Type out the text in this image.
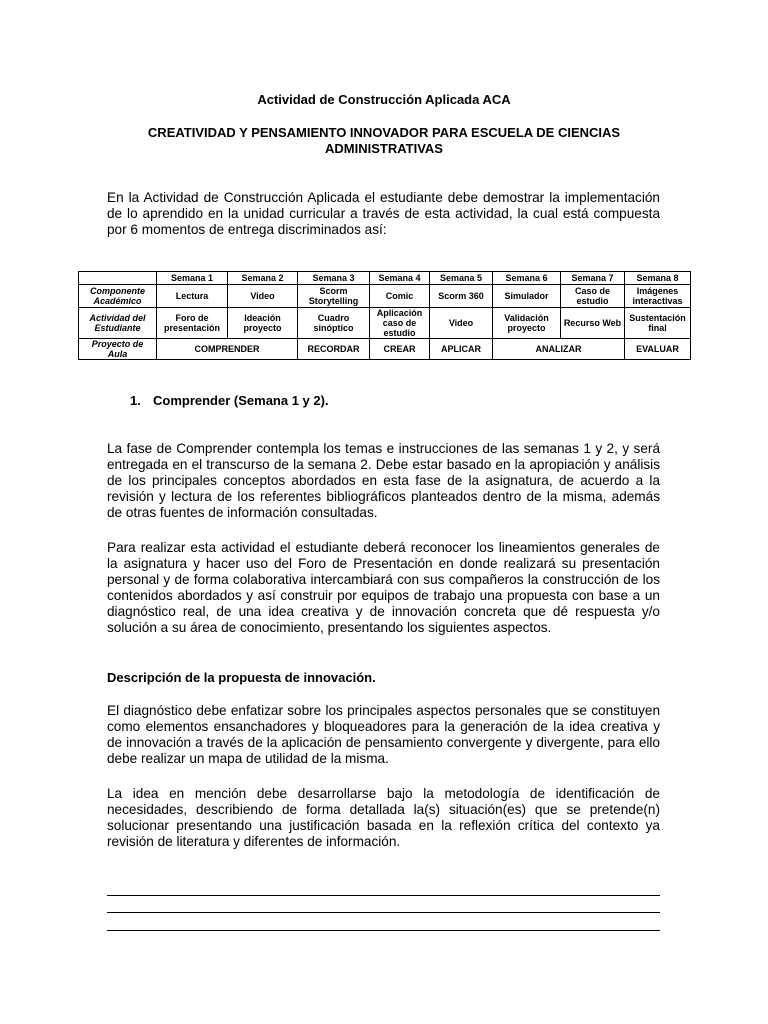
Actividad de Construcción Aplicada ACA
CREATIVIDAD Y PENSAMIENTO INNOVADOR PARA ESCUELA DE CIENCIAS ADMINISTRATIVAS
En la Actividad de Construcción Aplicada el estudiante debe demostrar la implementación de lo aprendido en la unidad curricular a través de esta actividad, la cual está compuesta por 6 momentos de entrega discriminados así:
	Semana 1	Semana 2	Semana 3	Semana 4	Semana 5	Semana 6	Semana 7	Semana 8
Componente Académico	Lectura	Video	Scorm Storytelling	Comic	Scorm 360	Simulador	Caso de estudio	Imágenes interactivas
Actividad del Estudiante	Foro de presentación	Ideación proyecto	Cuadro sinóptico	Aplicación caso de estudio	Video	Validación proyecto	Recurso Web	Sustentación final
Proyecto de Aula	COMPRENDER		RECORDAR	CREAR	APLICAR	ANALIZAR		EVALUAR
1. Comprender (Semana 1 y 2).
La fase de Comprender contempla los temas e instrucciones de las semanas 1 y 2, y será entregada en el transcurso de la semana 2. Debe estar basado en la apropiación y análisis de los principales conceptos abordados en esta fase de la asignatura, de acuerdo a la revisión y lectura de los referentes bibliográficos planteados dentro de la misma, además de otras fuentes de información consultadas.
Para realizar esta actividad el estudiante deberá reconocer los lineamientos generales de la asignatura y hacer uso del Foro de Presentación en donde realizará su presentación personal y de forma colaborativa intercambiará con sus compañeros la construcción de los contenidos abordados y así construir por equipos de trabajo una propuesta con base a un diagnóstico real, de una idea creativa y de innovación concreta que dé respuesta y/o solución a su área de conocimiento, presentando los siguientes aspectos.
Descripción de la propuesta de innovación.
El diagnóstico debe enfatizar sobre los principales aspectos personales que se constituyen como elementos ensanchadores y bloqueadores para la generación de la idea creativa y de innovación a través de la aplicación de pensamiento convergente y divergente, para ello debe realizar un mapa de utilidad de la misma.
La idea en mención debe desarrollarse bajo la metodología de identificación de necesidades, describiendo de forma detallada la(s) situación(es) que se pretende(n) solucionar presentando una justificación basada en la reflexión crítica del contexto ya revisión de literatura y diferentes de información.
